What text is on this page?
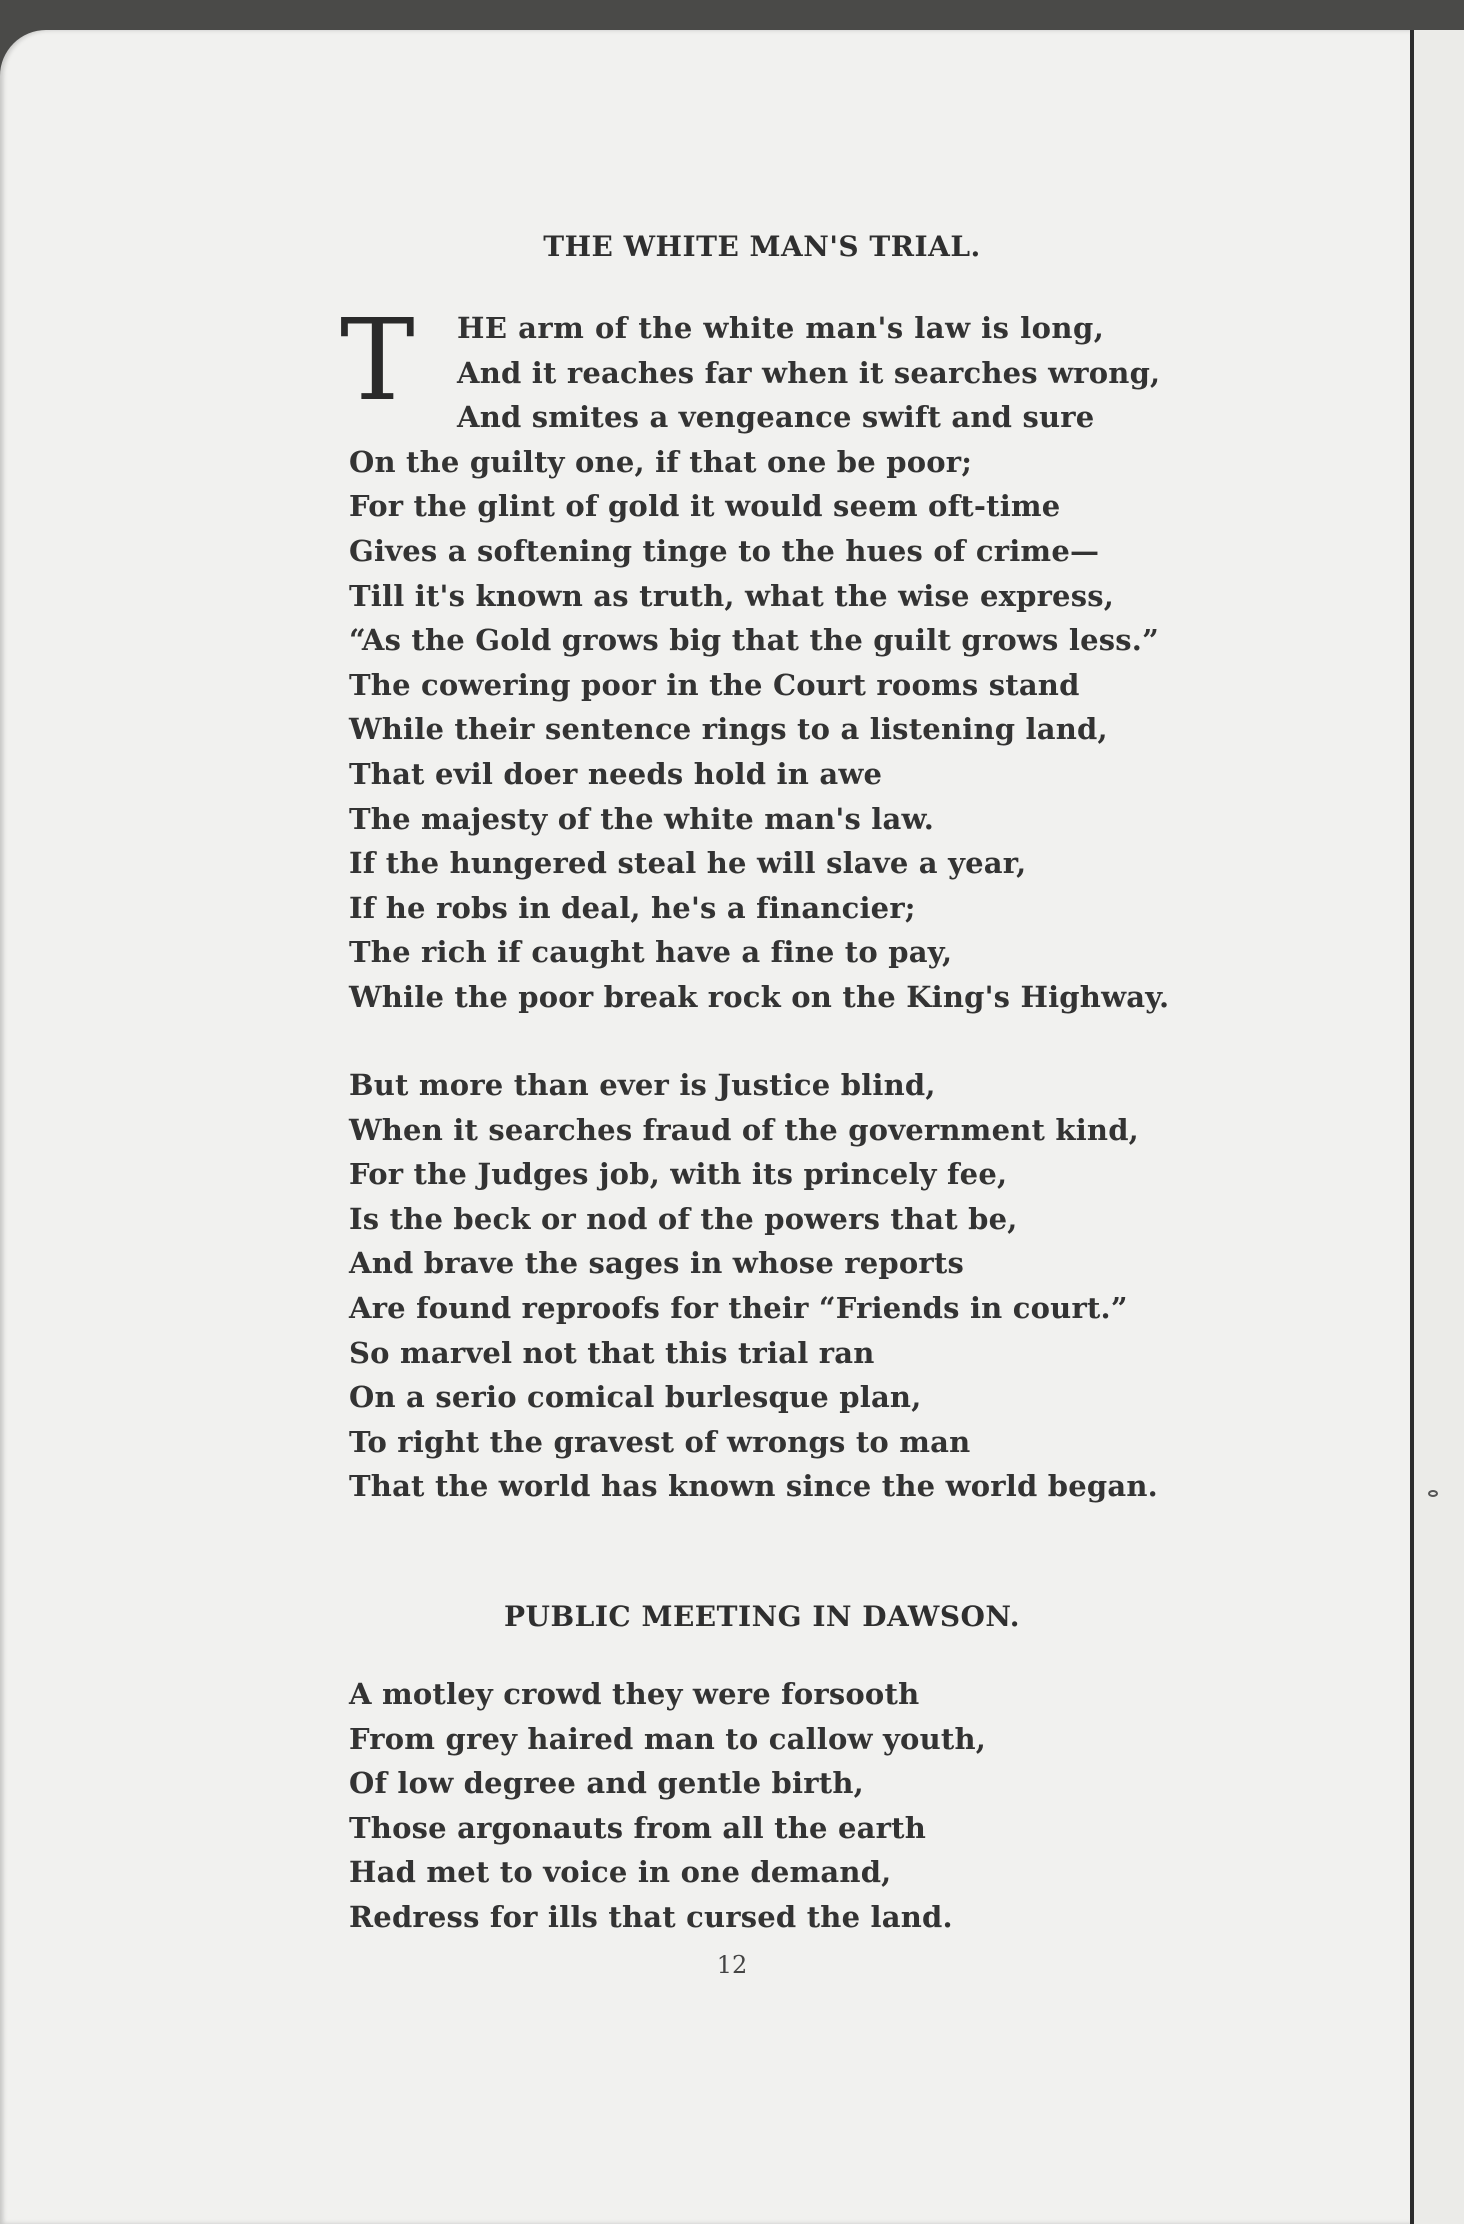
THE WHITE MAN'S TRIAL.
T	HE arm of the white man's law is long,
And it reaches far when it searches wrong,
And smites a vengeance swift and sure
On the guilty one, if that one be poor;
For the glint of gold it would seem oft-time
Gives a softening tinge to the hues of crime—
Till it's known as truth, what the wise express,
“As the Gold grows big that the guilt grows less.”
The cowering poor in the Court rooms stand
While their sentence rings to a listening land,
That evil doer needs hold in awe
The majesty of the white man's law.
If the hungered steal he will slave a year,
If he robs in deal, he's a financier;
The rich if caught have a fine to pay,
While the poor break rock on the King's Highway.
But more than ever is Justice blind,
When it searches fraud of the government kind,
For the Judges job, with its princely fee,
Is the beck or nod of the powers that be,
And brave the sages in whose reports
Are found reproofs for their “Friends in court.”
So marvel not that this trial ran
On a serio comical burlesque plan,
To right the gravest of wrongs to man
That the world has known since the world began.
PUBLIC MEETING IN DAWSON.
A motley crowd they were forsooth
From grey haired man to callow youth,
Of low degree and gentle birth,
Those argonauts from all the earth
Had met to voice in one demand,
Redress for ills that cursed the land.
12
